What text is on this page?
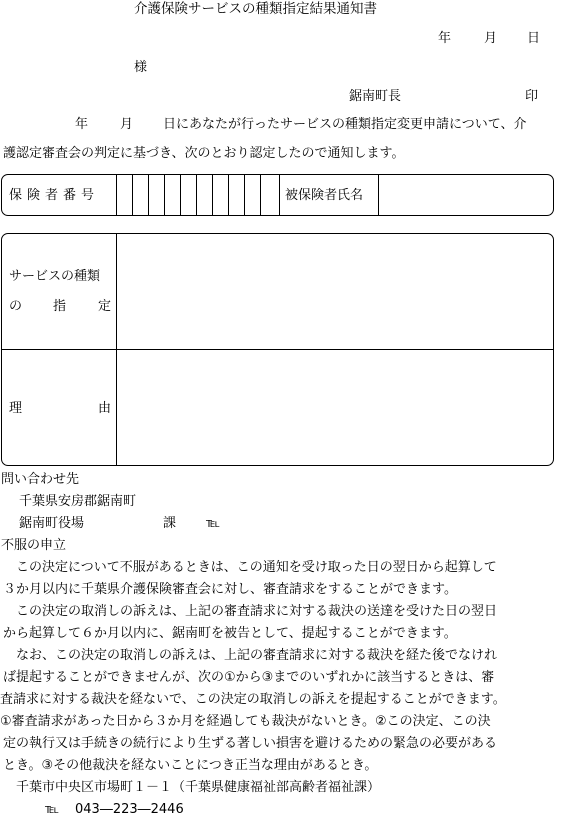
介護保険サービスの種類指定結果通知書
年	月 日
様
鋸南町長	印
年 月 日にあなたが行ったサービスの種類指定変更申請について、介
護認定審査会の判定に基づき、次のとおり認定したので通知します。
保険者番号	被保険者氏名
サービスの種類
の 指 定
理	由
問い合わせ先
千葉県安房郡鋸南町
鋸南町役場	課 ℡
不服の申立
　この決定について不服があるときは、この通知を受け取った日の翌日から起算して
３か月以内に千葉県介護保険審査会に対し、審査請求をすることができます。
　この決定の取消しの訴えは、上記の審査請求に対する裁決の送達を受けた日の翌日
から起算して６か月以内に、鋸南町を被告として、提起することができます。
　なお、この決定の取消しの訴えは、上記の審査請求に対する裁決を経た後でなけれ
ば提起することができませんが、次の①から③までのいずれかに該当するときは、審
査請求に対する裁決を経ないで、この決定の取消しの訴えを提起することができます。
①審査請求があった日から３か月を経過しても裁決がないとき。②この決定、この決
定の執行又は手続きの続行により生ずる著しい損害を避けるための緊急の必要がある
とき。③その他裁決を経ないことにつき正当な理由があるとき。
　千葉市中央区市場町１－１（千葉県健康福祉部高齢者福祉課）
℡ 043―223―2446
